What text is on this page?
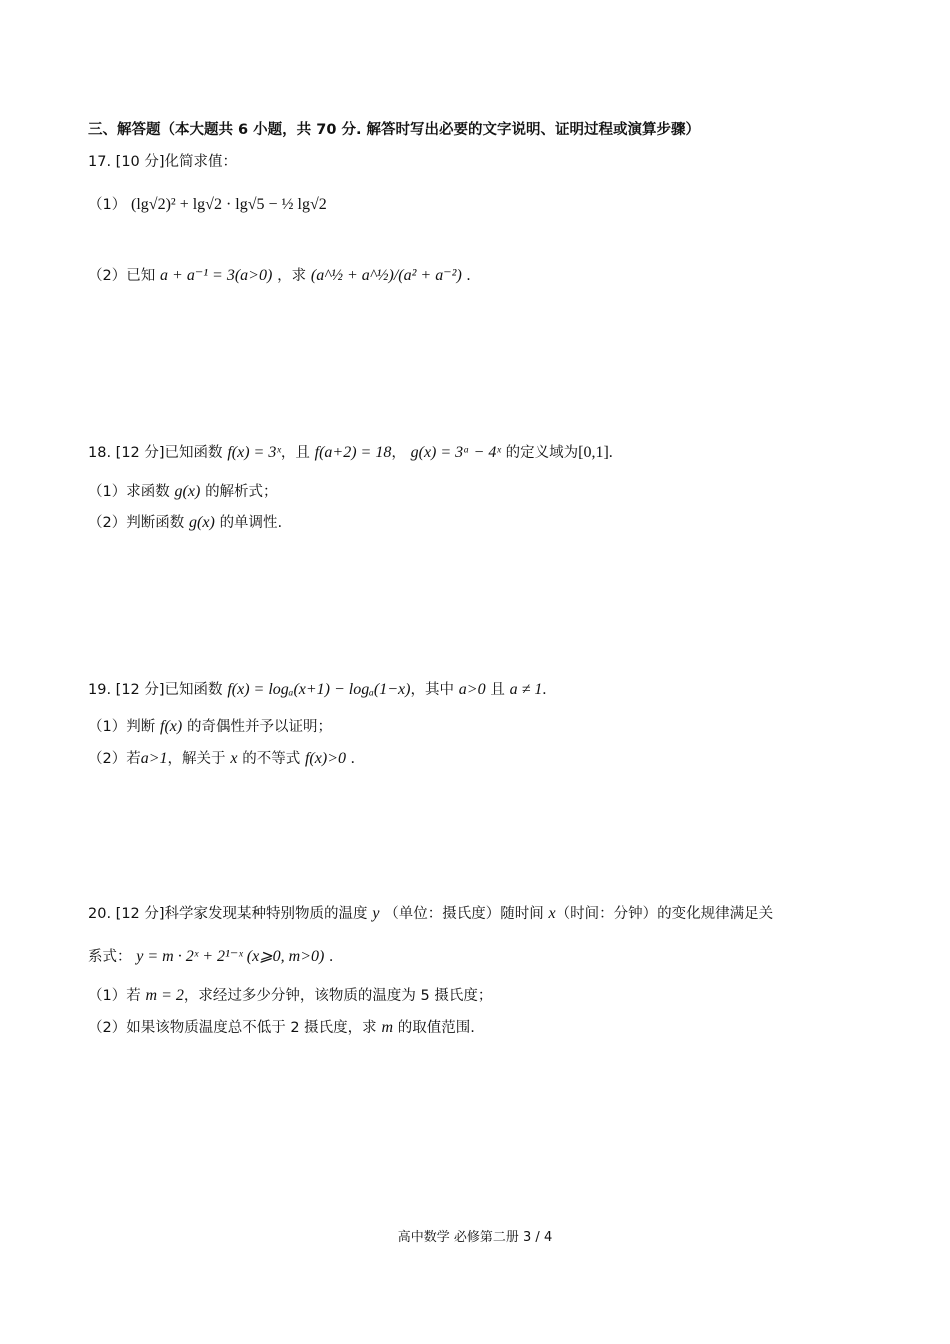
三、解答题（本大题共 6 小题，共 70 分. 解答时写出必要的文字说明、证明过程或演算步骤）
17. [10 分]化简求值：
（1） (lg√2)² + lg√2 · lg√5 − ½ lg√2
（2）已知 a + a⁻¹ = 3(a>0) ，求 (a^½ + a^½)/(a² + a⁻²) .
18. [12 分]已知函数 f(x) = 3ˣ，且 f(a+2) = 18， g(x) = 3ᵃ − 4ˣ 的定义域为[0,1].
（1）求函数 g(x) 的解析式；
（2）判断函数 g(x) 的单调性.
19. [12 分]已知函数 f(x) = logₐ(x+1) − logₐ(1−x)，其中 a>0 且 a ≠ 1.
（1）判断 f(x) 的奇偶性并予以证明；
（2）若a>1，解关于 x 的不等式 f(x)>0 .
20. [12 分]科学家发现某种特别物质的温度 y （单位：摄氏度）随时间 x（时间：分钟）的变化规律满足关
系式： y = m · 2ˣ + 2¹⁻ˣ (x⩾0, m>0) .
（1）若 m = 2，求经过多少分钟，该物质的温度为 5 摄氏度；
（2）如果该物质温度总不低于 2 摄氏度，求 m 的取值范围.
高中数学 必修第二册 3 / 4
